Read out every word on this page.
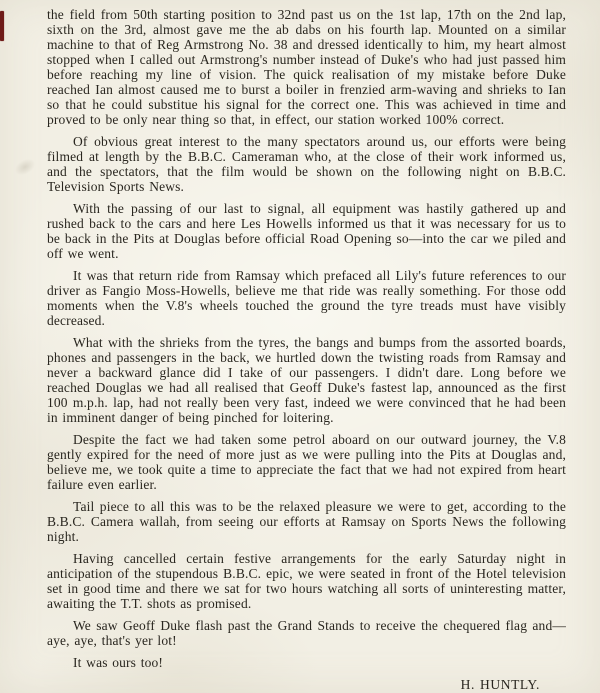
the field from 50th starting position to 32nd past us on the 1st lap, 17th on the 2nd lap, sixth on the 3rd, almost gave me the ab dabs on his fourth lap. Mounted on a similar machine to that of Reg Armstrong No. 38 and dressed identically to him, my heart almost stopped when I called out Armstrong's number instead of Duke's who had just passed him before reaching my line of vision. The quick realisation of my mistake before Duke reached Ian almost caused me to burst a boiler in frenzied arm-waving and shrieks to Ian so that he could substitue his signal for the correct one. This was achieved in time and proved to be only near thing so that, in effect, our station worked 100% correct.

Of obvious great interest to the many spectators around us, our efforts were being filmed at length by the B.B.C. Cameraman who, at the close of their work informed us, and the spectators, that the film would be shown on the following night on B.B.C. Television Sports News.

With the passing of our last to signal, all equipment was hastily gathered up and rushed back to the cars and here Les Howells informed us that it was necessary for us to be back in the Pits at Douglas before official Road Opening so—into the car we piled and off we went.

It was that return ride from Ramsay which prefaced all Lily's future references to our driver as Fangio Moss-Howells, believe me that ride was really something. For those odd moments when the V.8's wheels touched the ground the tyre treads must have visibly decreased.

What with the shrieks from the tyres, the bangs and bumps from the assorted boards, phones and passengers in the back, we hurtled down the twisting roads from Ramsay and never a backward glance did I take of our passengers. I didn't dare. Long before we reached Douglas we had all realised that Geoff Duke's fastest lap, announced as the first 100 m.p.h. lap, had not really been very fast, indeed we were convinced that he had been in imminent danger of being pinched for loitering.

Despite the fact we had taken some petrol aboard on our outward journey, the V.8 gently expired for the need of more just as we were pulling into the Pits at Douglas and, believe me, we took quite a time to appreciate the fact that we had not expired from heart failure even earlier.

Tail piece to all this was to be the relaxed pleasure we were to get, according to the B.B.C. Camera wallah, from seeing our efforts at Ramsay on Sports News the following night.

Having cancelled certain festive arrangements for the early Saturday night in anticipation of the stupendous B.B.C. epic, we were seated in front of the Hotel television set in good time and there we sat for two hours watching all sorts of uninteresting matter, awaiting the T.T. shots as promised.

We saw Geoff Duke flash past the Grand Stands to receive the chequered flag and—aye, aye, that's yer lot!

It was ours too!

H. HUNTLY.
